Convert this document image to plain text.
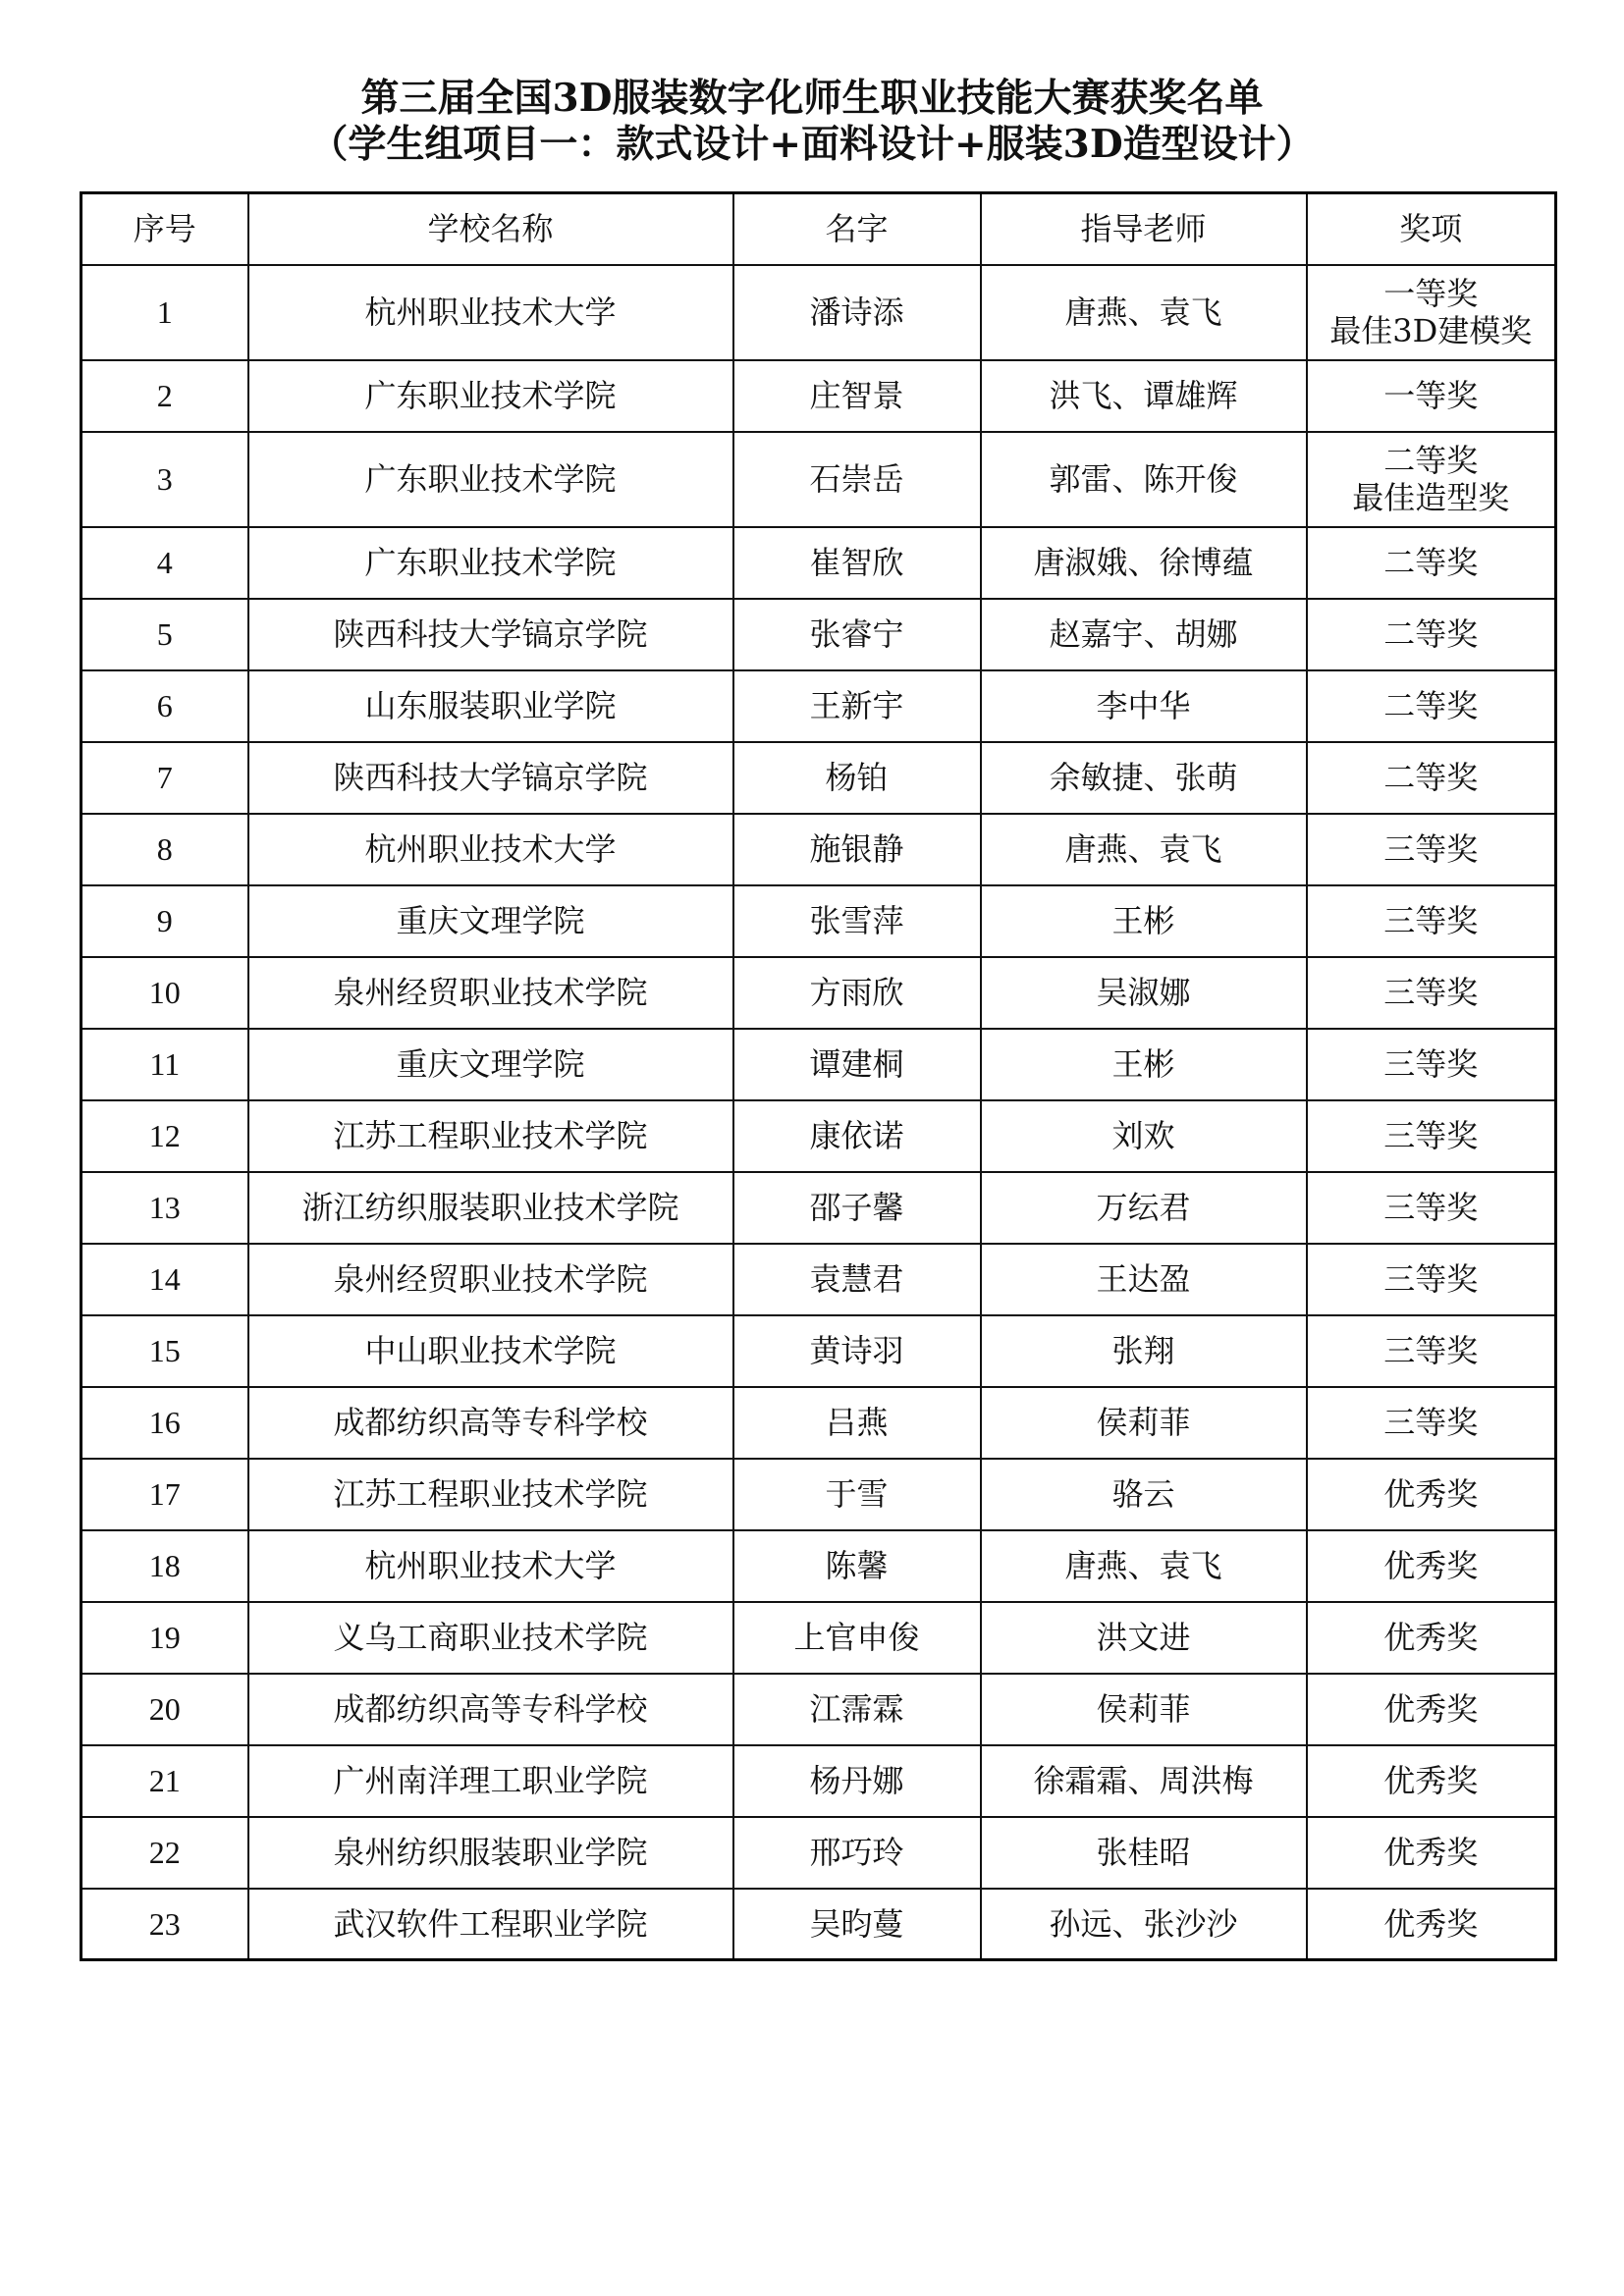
第三届全国3D服装数字化师生职业技能大赛获奖名单
（学生组项目一：款式设计+面料设计+服装3D造型设计）
序号	学校名称	名字	指导老师	奖项
1	杭州职业技术大学	潘诗添	唐燕、袁飞	一等奖
最佳3D建模奖

2	广东职业技术学院	庄智景	洪飞、谭雄辉	一等奖

3	广东职业技术学院	石崇岳	郭雷、陈开俊	二等奖
最佳造型奖

4	广东职业技术学院	崔智欣	唐淑娥、徐博蕴	二等奖

5	陕西科技大学镐京学院	张睿宁	赵嘉宇、胡娜	二等奖

6	山东服装职业学院	王新宇	李中华	二等奖

7	陕西科技大学镐京学院	杨铂	余敏捷、张萌	二等奖

8	杭州职业技术大学	施银静	唐燕、袁飞	三等奖

9	重庆文理学院	张雪萍	王彬	三等奖

10	泉州经贸职业技术学院	方雨欣	吴淑娜	三等奖

11	重庆文理学院	谭建桐	王彬	三等奖

12	江苏工程职业技术学院	康依诺	刘欢	三等奖

13	浙江纺织服装职业技术学院	邵子馨	万纭君	三等奖

14	泉州经贸职业技术学院	袁慧君	王达盈	三等奖

15	中山职业技术学院	黄诗羽	张翔	三等奖

16	成都纺织高等专科学校	吕燕	侯莉菲	三等奖

17	江苏工程职业技术学院	于雪	骆云	优秀奖

18	杭州职业技术大学	陈馨	唐燕、袁飞	优秀奖

19	义乌工商职业技术学院	上官申俊	洪文进	优秀奖

20	成都纺织高等专科学校	江霈霖	侯莉菲	优秀奖

21	广州南洋理工职业学院	杨丹娜	徐霜霜、周洪梅	优秀奖

22	泉州纺织服装职业学院	邢巧玲	张桂昭	优秀奖

23	武汉软件工程职业学院	吴昀蔓	孙远、张沙沙	优秀奖
